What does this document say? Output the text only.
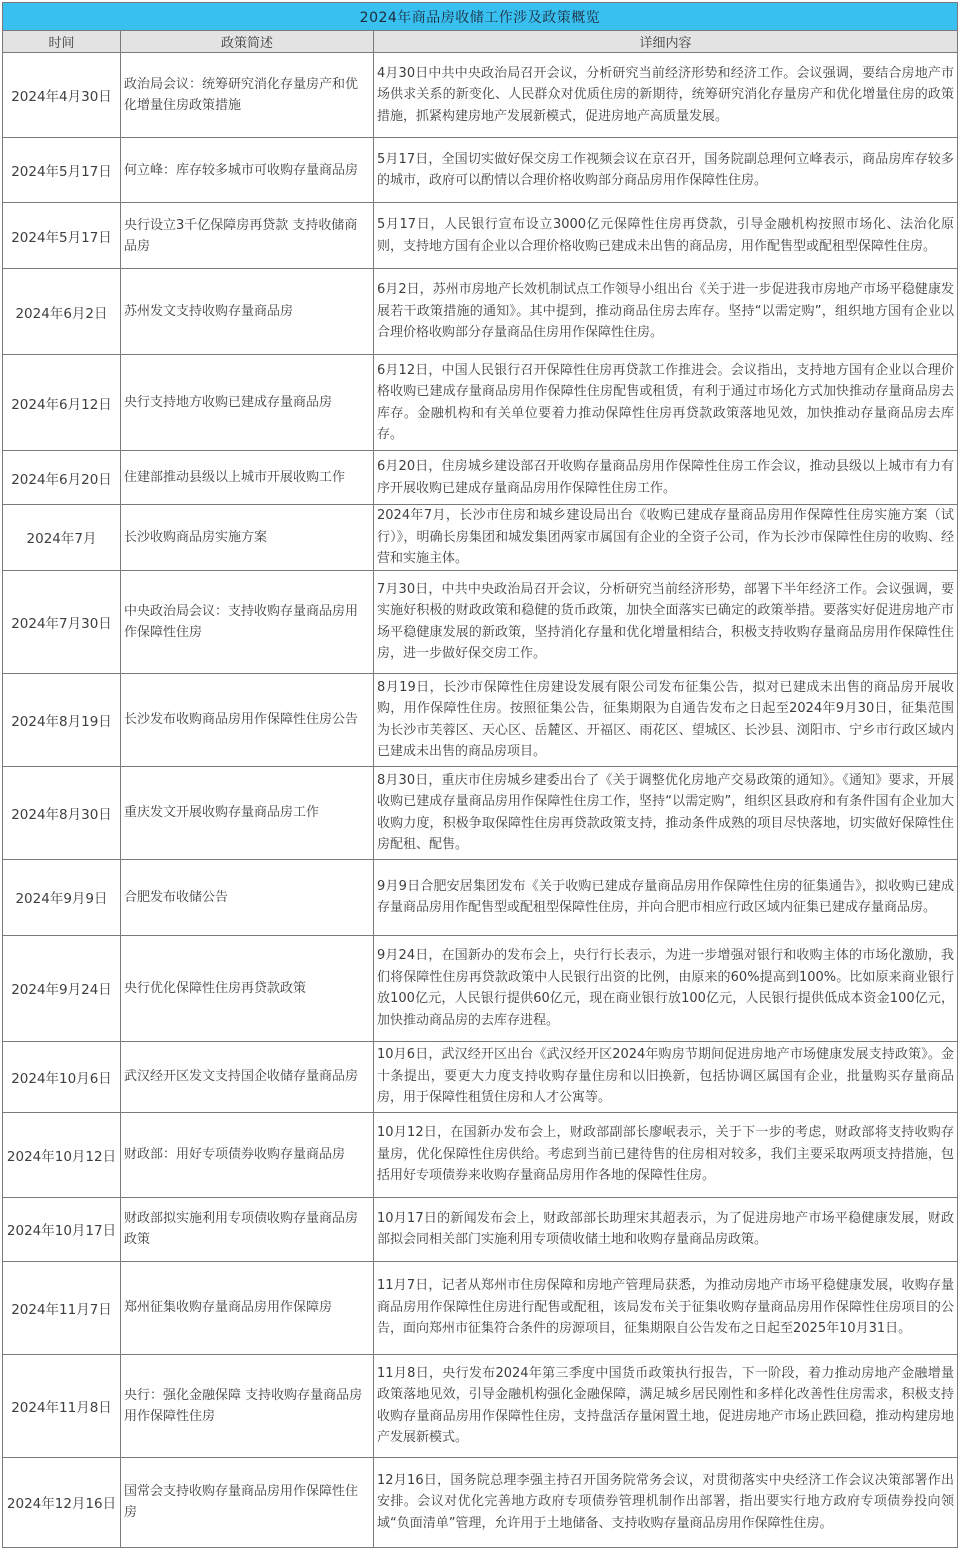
2024年商品房收储工作涉及政策概览		
时间	政策简述	详细内容
2024年4月30日	政治局会议：统筹研究消化存量房产和优化增量住房政策措施	4月30日中共中央政治局召开会议，分析研究当前经济形势和经济工作。会议强调，要结合房地产市场供求关系的新变化、人民群众对优质住房的新期待，统筹研究消化存量房产和优化增量住房的政策措施，抓紧构建房地产发展新模式，促进房地产高质量发展。
2024年5月17日	何立峰：库存较多城市可收购存量商品房	5月17日，全国切实做好保交房工作视频会议在京召开，国务院副总理何立峰表示，商品房库存较多的城市，政府可以酌情以合理价格收购部分商品房用作保障性住房。
2024年5月17日	央行设立3千亿保障房再贷款 支持收储商品房	5月17日，人民银行宣布设立3000亿元保障性住房再贷款，引导金融机构按照市场化、法治化原则，支持地方国有企业以合理价格收购已建成未出售的商品房，用作配售型或配租型保障性住房。
2024年6月2日	苏州发文支持收购存量商品房	6月2日，苏州市房地产长效机制试点工作领导小组出台《关于进一步促进我市房地产市场平稳健康发展若干政策措施的通知》。其中提到，推动商品住房去库存。坚持“以需定购”，组织地方国有企业以合理价格收购部分存量商品住房用作保障性住房。
2024年6月12日	央行支持地方收购已建成存量商品房	6月12日，中国人民银行召开保障性住房再贷款工作推进会。会议指出，支持地方国有企业以合理价格收购已建成存量商品房用作保障性住房配售或租赁，有利于通过市场化方式加快推动存量商品房去库存。金融机构和有关单位要着力推动保障性住房再贷款政策落地见效，加快推动存量商品房去库存。
2024年6月20日	住建部推动县级以上城市开展收购工作	6月20日，住房城乡建设部召开收购存量商品房用作保障性住房工作会议，推动县级以上城市有力有序开展收购已建成存量商品房用作保障性住房工作。
2024年7月	长沙收购商品房实施方案	2024年7月，长沙市住房和城乡建设局出台《收购已建成存量商品房用作保障性住房实施方案（试行）》，明确长房集团和城发集团两家市属国有企业的全资子公司，作为长沙市保障性住房的收购、经营和实施主体。
2024年7月30日	中央政治局会议：支持收购存量商品房用作保障性住房	7月30日，中共中央政治局召开会议，分析研究当前经济形势，部署下半年经济工作。会议强调，要实施好积极的财政政策和稳健的货币政策，加快全面落实已确定的政策举措。要落实好促进房地产市场平稳健康发展的新政策，坚持消化存量和优化增量相结合，积极支持收购存量商品房用作保障性住房，进一步做好保交房工作。
2024年8月19日	长沙发布收购商品房用作保障性住房公告	8月19日，长沙市保障性住房建设发展有限公司发布征集公告，拟对已建成未出售的商品房开展收购，用作保障性住房。按照征集公告，征集期限为自通告发布之日起至2024年9月30日，征集范围为长沙市芙蓉区、天心区、岳麓区、开福区、雨花区、望城区、长沙县、浏阳市、宁乡市行政区域内已建成未出售的商品房项目。
2024年8月30日	重庆发文开展收购存量商品房工作	8月30日，重庆市住房城乡建委出台了《关于调整优化房地产交易政策的通知》。《通知》要求，开展收购已建成存量商品房用作保障性住房工作，坚持“以需定购”，组织区县政府和有条件国有企业加大收购力度，积极争取保障性住房再贷款政策支持，推动条件成熟的项目尽快落地，切实做好保障性住房配租、配售。
2024年9月9日	合肥发布收储公告	9月9日合肥安居集团发布《关于收购已建成存量商品房用作保障性住房的征集通告》，拟收购已建成存量商品房用作配售型或配租型保障性住房，并向合肥市相应行政区域内征集已建成存量商品房。
2024年9月24日	央行优化保障性住房再贷款政策	9月24日，在国新办的发布会上，央行行长表示，为进一步增强对银行和收购主体的市场化激励，我们将保障性住房再贷款政策中人民银行出资的比例，由原来的60%提高到100%。比如原来商业银行放100亿元，人民银行提供60亿元，现在商业银行放100亿元，人民银行提供低成本资金100亿元，加快推动商品房的去库存进程。
2024年10月6日	武汉经开区发文支持国企收储存量商品房	10月6日，武汉经开区出台《武汉经开区2024年购房节期间促进房地产市场健康发展支持政策》。金十条提出，要更大力度支持收购存量住房和以旧换新，包括协调区属国有企业，批量购买存量商品房，用于保障性租赁住房和人才公寓等。
2024年10月12日	财政部：用好专项债券收购存量商品房	10月12日，在国新办发布会上，财政部副部长廖岷表示，关于下一步的考虑，财政部将支持收购存量房，优化保障性住房供给。考虑到当前已建待售的住房相对较多，我们主要采取两项支持措施，包括用好专项债券来收购存量商品房用作各地的保障性住房。
2024年10月17日	财政部拟实施利用专项债收购存量商品房政策	10月17日的新闻发布会上，财政部部长助理宋其超表示，为了促进房地产市场平稳健康发展，财政部拟会同相关部门实施利用专项债收储土地和收购存量商品房政策。
2024年11月7日	郑州征集收购存量商品房用作保障房	11月7日，记者从郑州市住房保障和房地产管理局获悉，为推动房地产市场平稳健康发展，收购存量商品房用作保障性住房进行配售或配租，该局发布关于征集收购存量商品房用作保障性住房项目的公告，面向郑州市征集符合条件的房源项目，征集期限自公告发布之日起至2025年10月31日。
2024年11月8日	央行：强化金融保障 支持收购存量商品房用作保障性住房	11月8日，央行发布2024年第三季度中国货币政策执行报告，下一阶段，着力推动房地产金融增量政策落地见效，引导金融机构强化金融保障，满足城乡居民刚性和多样化改善性住房需求，积极支持收购存量商品房用作保障性住房，支持盘活存量闲置土地，促进房地产市场止跌回稳，推动构建房地产发展新模式。
2024年12月16日	国常会支持收购存量商品房用作保障性住房	12月16日，国务院总理李强主持召开国务院常务会议，对贯彻落实中央经济工作会议决策部署作出安排。会议对优化完善地方政府专项债券管理机制作出部署，指出要实行地方政府专项债券投向领域“负面清单”管理，允许用于土地储备、支持收购存量商品房用作保障性住房。
